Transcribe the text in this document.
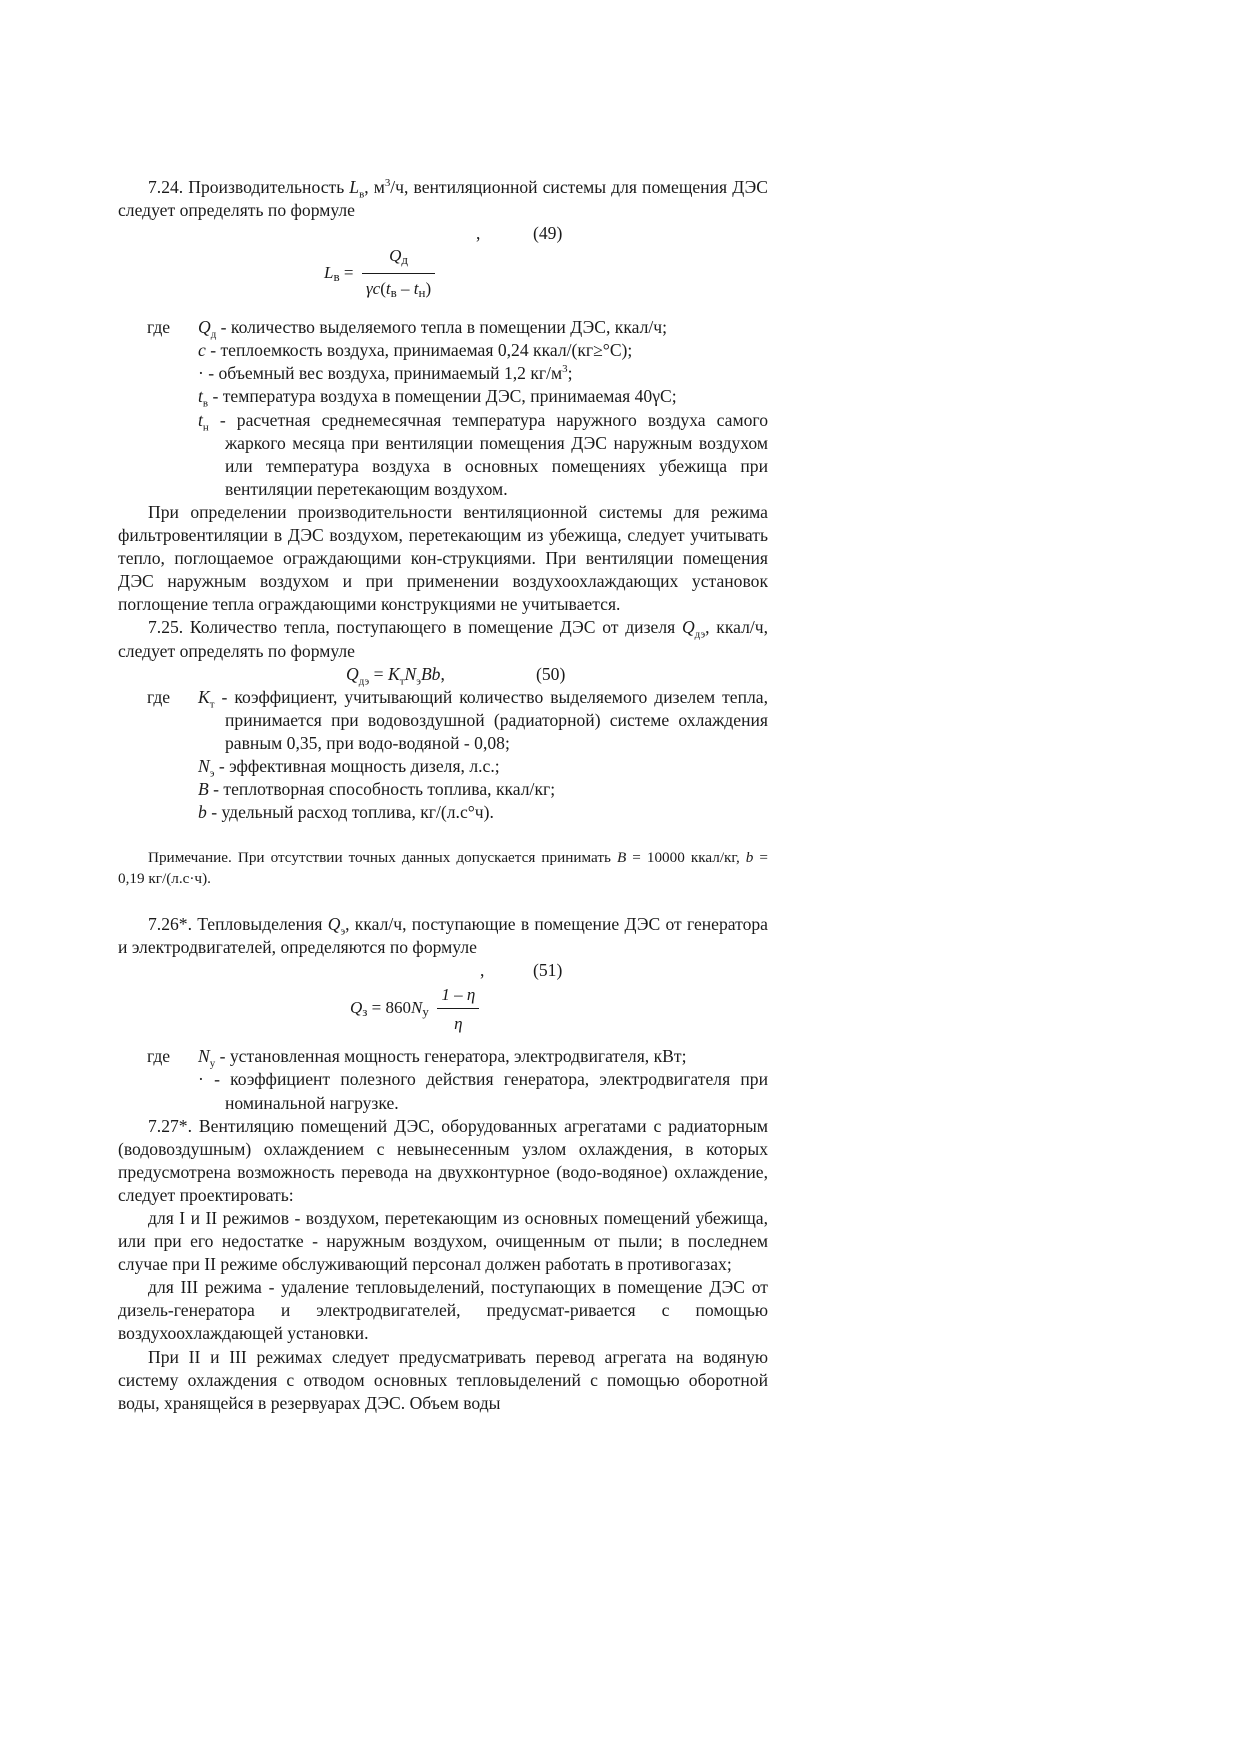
7.24. Производительность $L_в$, $м^3/ч$, вентиляционной системы для помещения ДЭС следует определять по формуле

,	(49)
Lв = $\frac{Qд}{\gamma c(tв - tн)}$

где $Q_д$ - количество выделяемого тепла в помещении ДЭС, ккал/ч;

с - теплоемкость воздуха, принимаемая 0,24 ккал/(кг≥°С);

· - объемный вес воздуха, принимаемый 1,2 $кг/м^3$;

$t_в$ - температура воздуха в помещении ДЭС, принимаемая 40γС;

$t_н$ - расчетная среднемесячная температура наружного воздуха самого жаркого месяца при вентиляции помещения ДЭС наружным воздухом или температура воздуха в основных помещениях убежища при вентиляции перетекающим воздухом.

При определении производительности вентиляционной системы для режима фильтровентиляции в ДЭС воздухом, перетекающим из убежища, следует учитывать тепло, поглощаемое ограждающими кон-струкциями. При вентиляции помещения ДЭС наружным воздухом и при применении воздухоохлаждающих установок поглощение тепла ограждающими конструкциями не учитывается.

7.25. Количество тепла, поступающего в помещение ДЭС от дизеля $Q_{дэ}$, ккал/ч, следует определять по формуле

$Q_{дэ} = K_тN_эBb$,	(50)

где $K_т$ - коэффициент, учитывающий количество выделяемого дизелем тепла, принимается при водовоздушной (радиаторной) системе охлаждения равным 0,35, при водо-водяной - 0,08;

$N_э$ - эффективная мощность дизеля, л.с.;

B - теплотворная способность топлива, ккал/кг;

b - удельный расход топлива, кг/(л.с°ч).

Примечание. При отсутствии точных данных допускается принимать B = 10000 ккал/кг, b = 0,19 кг/(л.с·ч).

7.26*. Тепловыделения $Q_э$, ккал/ч, поступающие в помещение ДЭС от генератора и электродвигателей, определяются по формуле

,	(51)
Qз = $860Nу \frac{1 - \eta}{\eta}$

где $N_у$ - установленная мощность генератора, электродвигателя, кВт;

· - коэффициент полезного действия генератора, электродвигателя при номинальной нагрузке.

7.27*. Вентиляцию помещений ДЭС, оборудованных агрегатами с радиаторным (водовоздушным) охлаждением с невынесенным узлом охлаждения, в которых предусмотрена возможность перевода на двухконтурное (водо-водяное) охлаждение, следует проектировать:

для I и II режимов - воздухом, перетекающим из основных помещений убежища, или при его недостатке - наружным воздухом, очищенным от пыли; в последнем случае при II режиме обслуживающий персонал должен работать в противогазах;

для III режима - удаление тепловыделений, поступающих в помещение ДЭС от дизель-генератора и электродвигателей, предусмат-ривается с помощью воздухоохлаждающей установки.

При II и III режимах следует предусматривать перевод агрегата на водяную систему охлаждения с отводом основных тепловыделений с помощью оборотной воды, хранящейся в резервуарах ДЭС. Объем воды
